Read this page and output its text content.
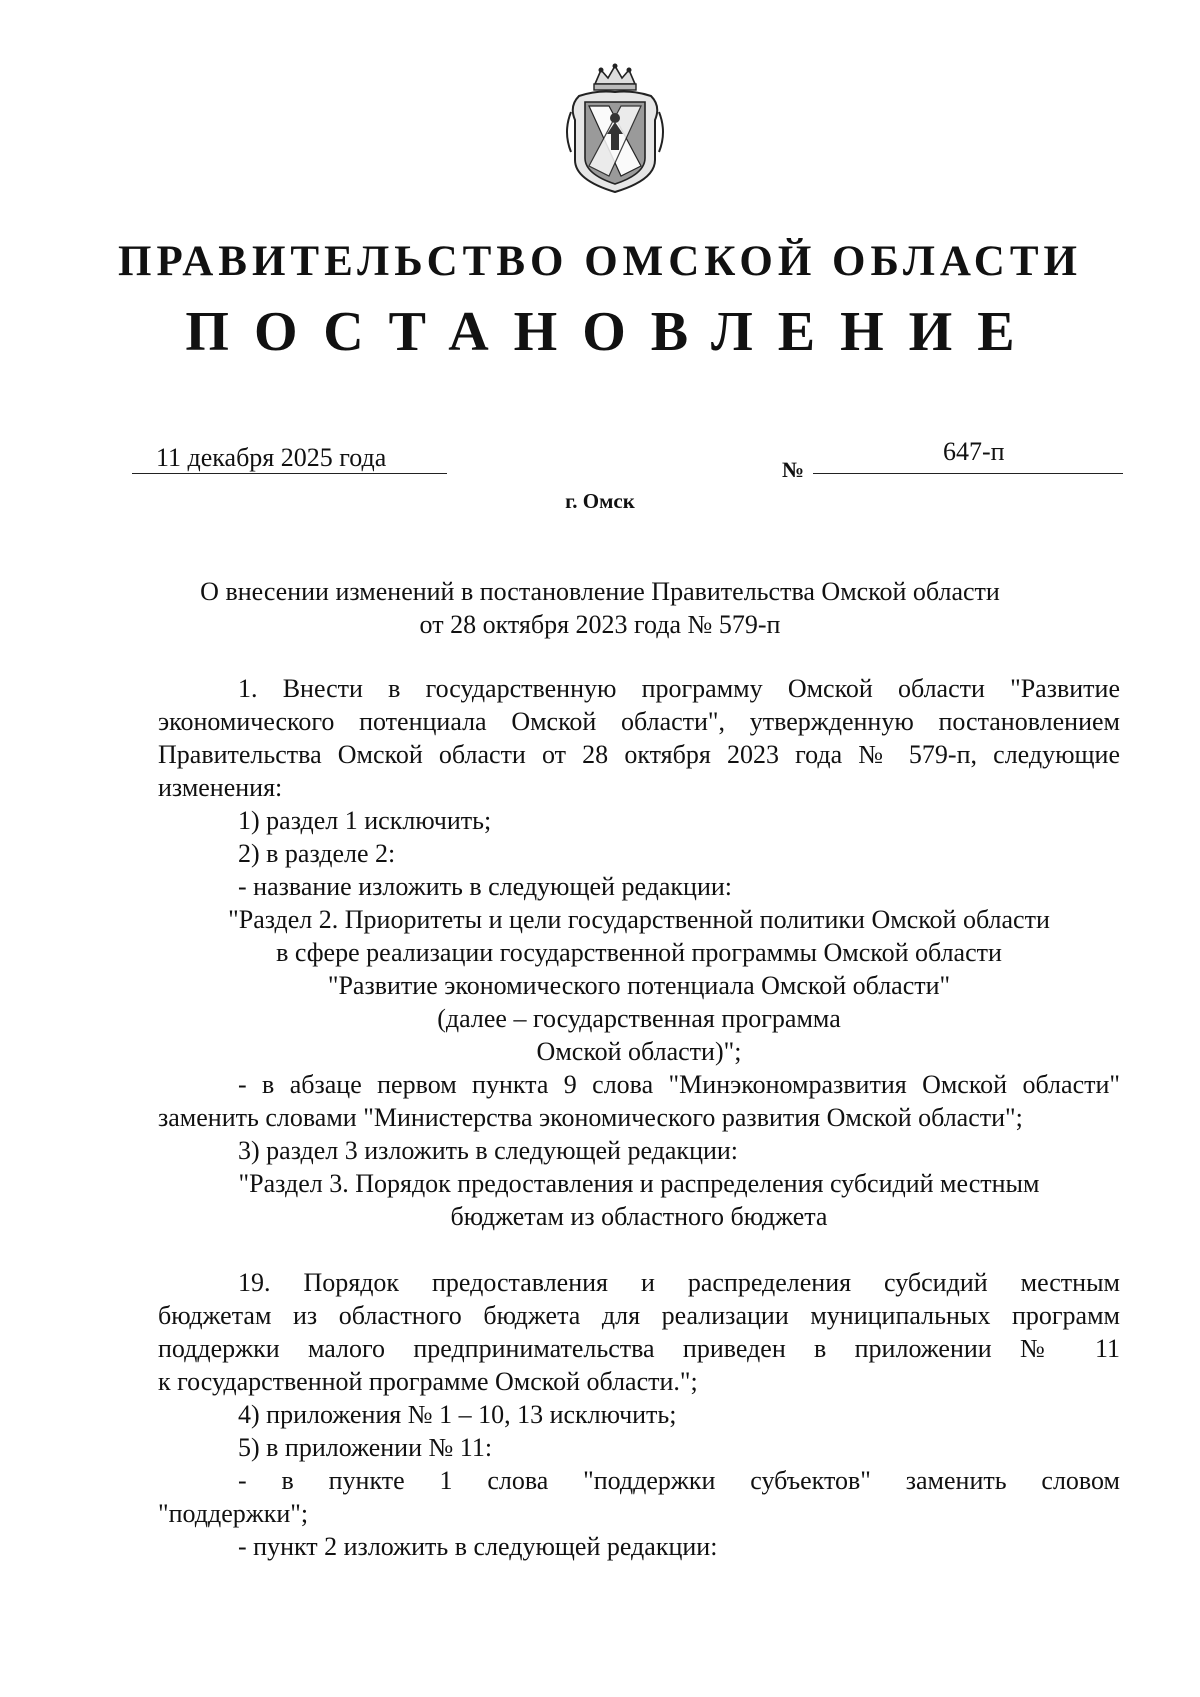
ПРАВИТЕЛЬСТВО ОМСКОЙ ОБЛАСТИ
ПОСТАНОВЛЕНИЕ
11 декабря 2025 года	№
647-п
г. Омск

О внесении изменений в постановление Правительства Омской области

от 28 октября 2023 года № 579-п

1. Внести в государственную программу Омской области "Развитие

экономического потенциала Омской области", утвержденную постановлением

Правительства Омской области от 28 октября 2023 года № 579-п, следующие

изменения:

1) раздел 1 исключить;

2) в разделе 2:

- название изложить в следующей редакции:

"Раздел 2. Приоритеты и цели государственной политики Омской области

в сфере реализации государственной программы Омской области

"Развитие экономического потенциала Омской области"

(далее – государственная программа

Омской области)";

- в абзаце первом пункта 9 слова "Минэкономразвития Омской области"

заменить словами "Министерства экономического развития Омской области";

3) раздел 3 изложить в следующей редакции:

"Раздел 3. Порядок предоставления и распределения субсидий местным

бюджетам из областного бюджета

19. Порядок предоставления и распределения субсидий местным

бюджетам из областного бюджета для реализации муниципальных программ

поддержки малого предпринимательства приведен в приложении № 11

к государственной программе Омской области.";

4) приложения № 1 – 10, 13 исключить;

5) в приложении № 11:

- в пункте 1 слова "поддержки субъектов" заменить словом

"поддержки";

- пункт 2 изложить в следующей редакции:
